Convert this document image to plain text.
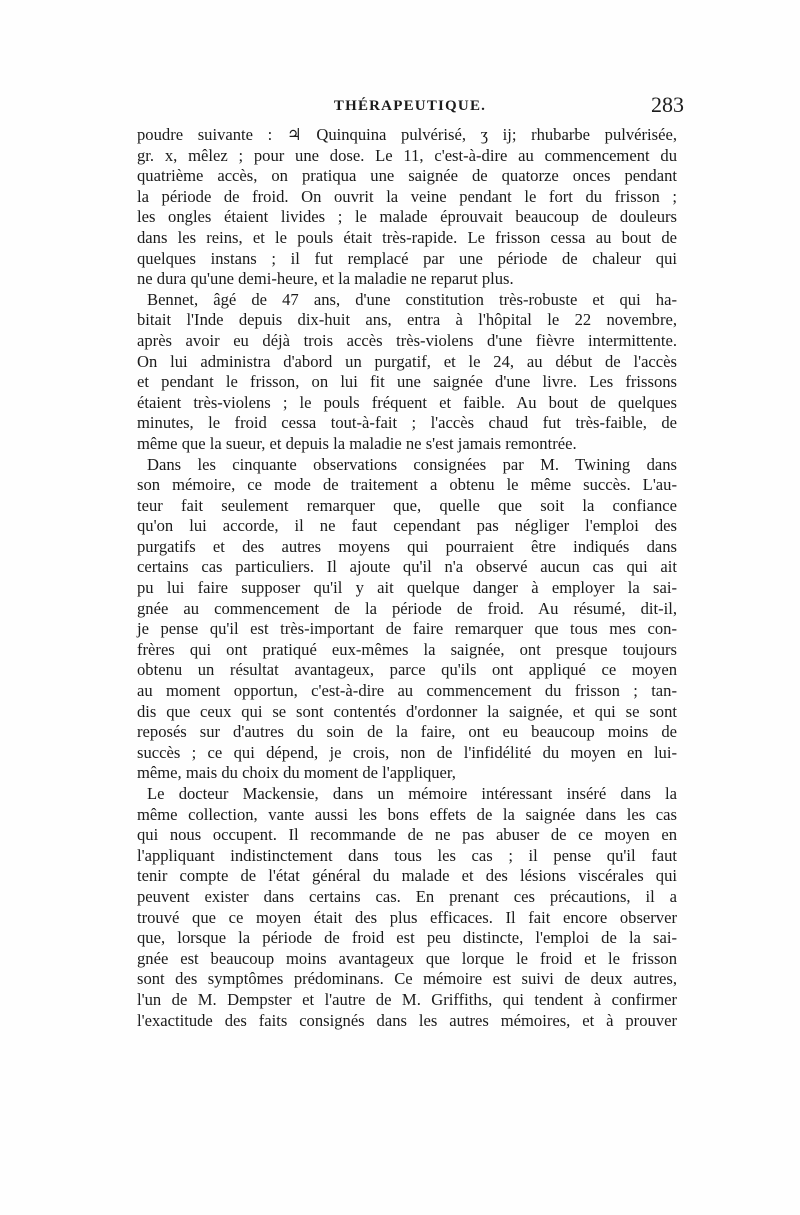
THÉRAPEUTIQUE.	283
poudre suivante : ♃ Quinquina pulvérisé, ʒ ij; rhubarbe pulvérisée,
gr. x, mêlez ; pour une dose. Le 11, c'est-à-dire au commencement du
quatrième accès, on pratiqua une saignée de quatorze onces pendant
la période de froid. On ouvrit la veine pendant le fort du frisson ;
les ongles étaient livides ; le malade éprouvait beaucoup de douleurs
dans les reins, et le pouls était très-rapide. Le frisson cessa au bout de
quelques instans ; il fut remplacé par une période de chaleur qui
ne dura qu'une demi-heure, et la maladie ne reparut plus.
Bennet, âgé de 47 ans, d'une constitution très-robuste et qui ha-
bitait l'Inde depuis dix-huit ans, entra à l'hôpital le 22 novembre,
après avoir eu déjà trois accès très-violens d'une fièvre intermittente.
On lui administra d'abord un purgatif, et le 24, au début de l'accès
et pendant le frisson, on lui fit une saignée d'une livre. Les frissons
étaient très-violens ; le pouls fréquent et faible. Au bout de quelques
minutes, le froid cessa tout-à-fait ; l'accès chaud fut très-faible, de
même que la sueur, et depuis la maladie ne s'est jamais remontrée.
Dans les cinquante observations consignées par M. Twining dans
son mémoire, ce mode de traitement a obtenu le même succès. L'au-
teur fait seulement remarquer que, quelle que soit la confiance
qu'on lui accorde, il ne faut cependant pas négliger l'emploi des
purgatifs et des autres moyens qui pourraient être indiqués dans
certains cas particuliers. Il ajoute qu'il n'a observé aucun cas qui ait
pu lui faire supposer qu'il y ait quelque danger à employer la sai-
gnée au commencement de la période de froid. Au résumé, dit-il,
je pense qu'il est très-important de faire remarquer que tous mes con-
frères qui ont pratiqué eux-mêmes la saignée, ont presque toujours
obtenu un résultat avantageux, parce qu'ils ont appliqué ce moyen
au moment opportun, c'est-à-dire au commencement du frisson ; tan-
dis que ceux qui se sont contentés d'ordonner la saignée, et qui se sont
reposés sur d'autres du soin de la faire, ont eu beaucoup moins de
succès ; ce qui dépend, je crois, non de l'infidélité du moyen en lui-
même, mais du choix du moment de l'appliquer,
Le docteur Mackensie, dans un mémoire intéressant inséré dans la
même collection, vante aussi les bons effets de la saignée dans les cas
qui nous occupent. Il recommande de ne pas abuser de ce moyen en
l'appliquant indistinctement dans tous les cas ; il pense qu'il faut
tenir compte de l'état général du malade et des lésions viscérales qui
peuvent exister dans certains cas. En prenant ces précautions, il a
trouvé que ce moyen était des plus efficaces. Il fait encore observer
que, lorsque la période de froid est peu distincte, l'emploi de la sai-
gnée est beaucoup moins avantageux que lorque le froid et le frisson
sont des symptômes prédominans. Ce mémoire est suivi de deux autres,
l'un de M. Dempster et l'autre de M. Griffiths, qui tendent à confirmer
l'exactitude des faits consignés dans les autres mémoires, et à prouver
